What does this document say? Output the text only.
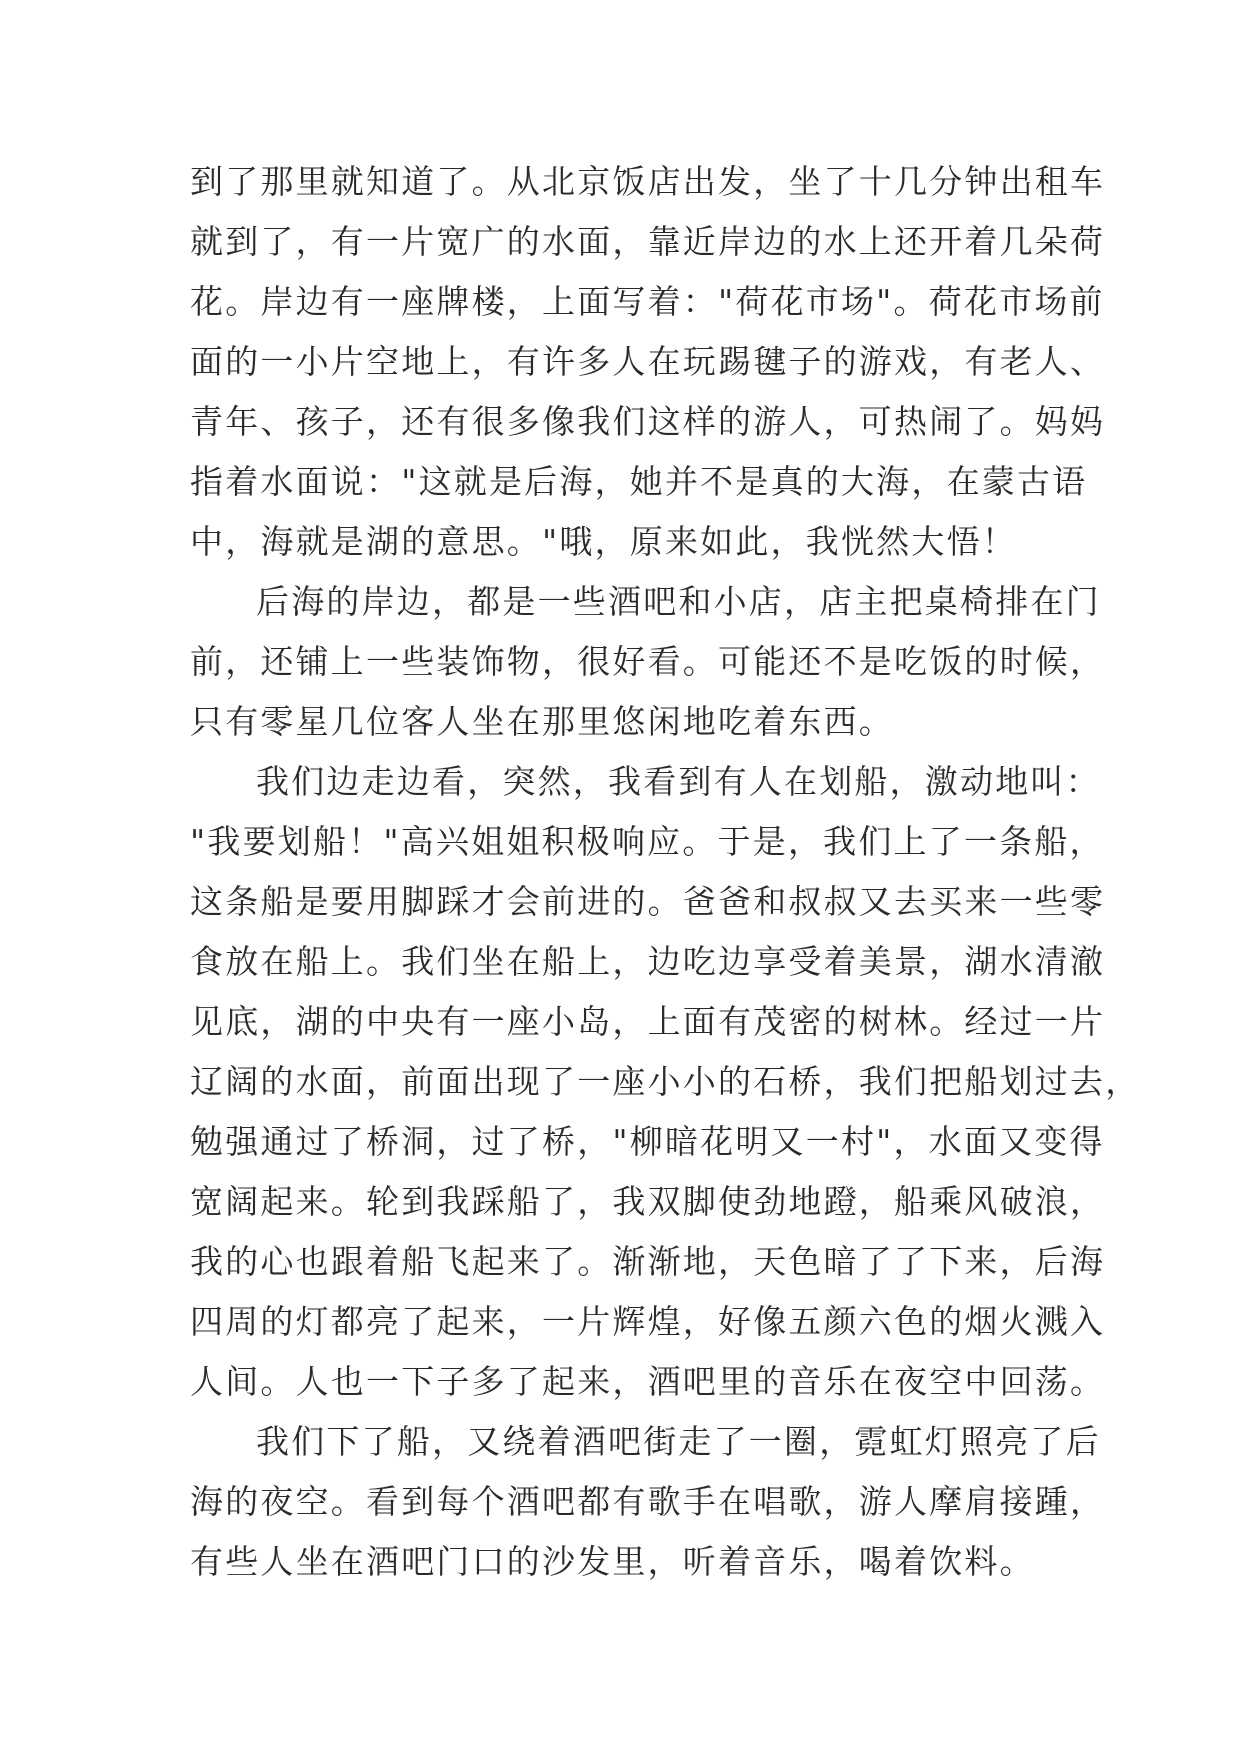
到了那里就知道了。从北京饭店出发，坐了十几分钟出租车
就到了，有一片宽广的水面，靠近岸边的水上还开着几朵荷
花。岸边有一座牌楼，上面写着："荷花市场"。荷花市场前
面的一小片空地上，有许多人在玩踢毽子的游戏，有老人、
青年、孩子，还有很多像我们这样的游人，可热闹了。妈妈
指着水面说："这就是后海，她并不是真的大海，在蒙古语
中，海就是湖的意思。"哦，原来如此，我恍然大悟！
后海的岸边，都是一些酒吧和小店，店主把桌椅排在门
前，还铺上一些装饰物，很好看。可能还不是吃饭的时候，
只有零星几位客人坐在那里悠闲地吃着东西。
我们边走边看，突然，我看到有人在划船，激动地叫：
"我要划船！"高兴姐姐积极响应。于是，我们上了一条船，
这条船是要用脚踩才会前进的。爸爸和叔叔又去买来一些零
食放在船上。我们坐在船上，边吃边享受着美景，湖水清澈
见底，湖的中央有一座小岛，上面有茂密的树林。经过一片
辽阔的水面，前面出现了一座小小的石桥，我们把船划过去，
勉强通过了桥洞，过了桥，"柳暗花明又一村"，水面又变得
宽阔起来。轮到我踩船了，我双脚使劲地蹬，船乘风破浪，
我的心也跟着船飞起来了。渐渐地，天色暗了了下来，后海
四周的灯都亮了起来，一片辉煌，好像五颜六色的烟火溅入
人间。人也一下子多了起来，酒吧里的音乐在夜空中回荡。
我们下了船，又绕着酒吧街走了一圈，霓虹灯照亮了后
海的夜空。看到每个酒吧都有歌手在唱歌，游人摩肩接踵，
有些人坐在酒吧门口的沙发里，听着音乐，喝着饮料。
